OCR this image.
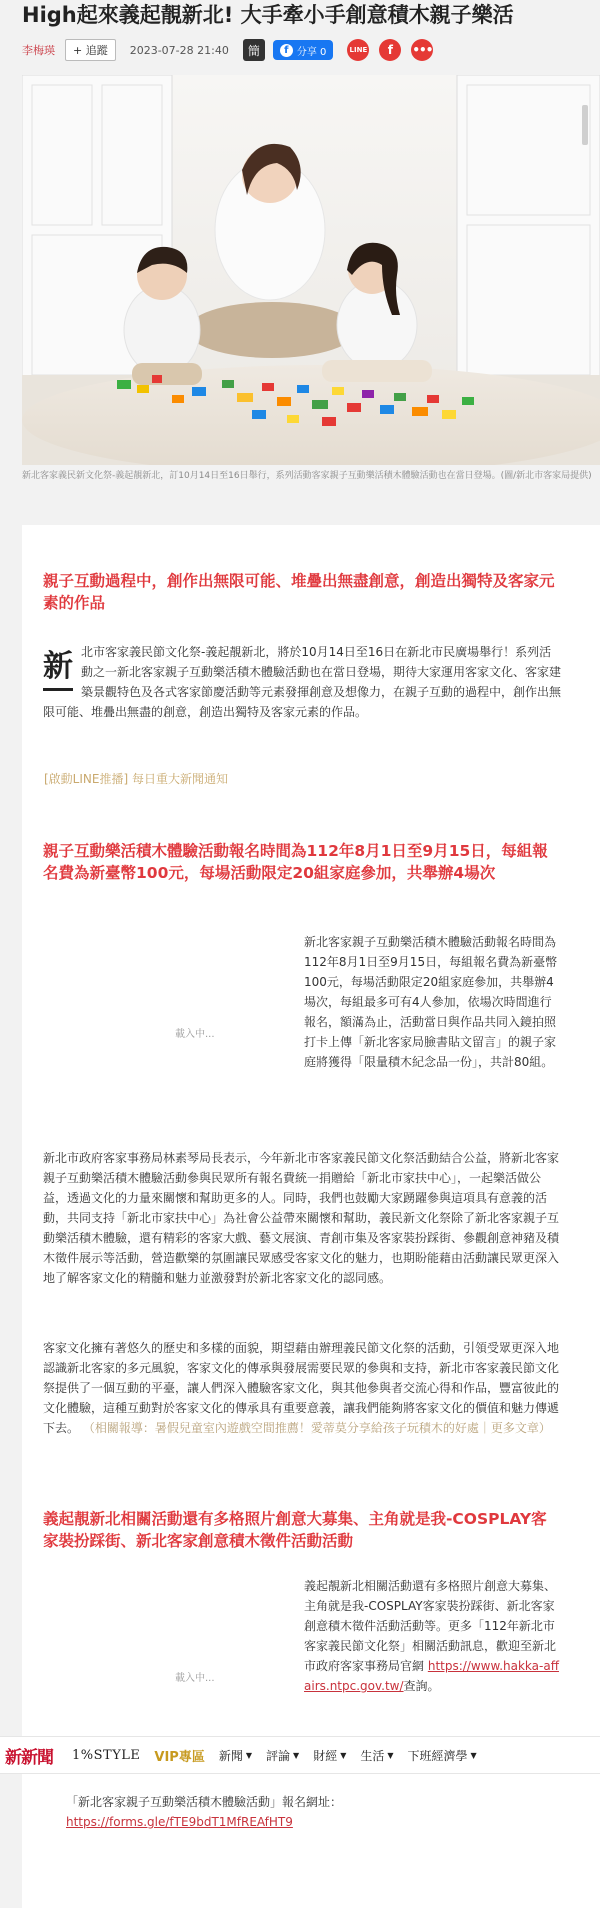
High起來義起靚新北! 大手牽小手創意積木親子樂活
李梅瑛	+ 追蹤	2023-07-28 21:40	簡	f 分享 0	LINE	f	•••
新北客家義民新文化祭-義起靚新北，訂10月14日至16日舉行，系列活動客家親子互動樂活積木體驗活動也在當日登場。(圖/新北市客家局提供)
親子互動過程中，創作出無限可能、堆疊出無盡創意，創造出獨特及客家元素的作品
新 北市客家義民節文化祭-義起靚新北，將於10月14日至16日在新北市民廣場舉行！系列活動之一新北客家親子互動樂活積木體驗活動也在當日登場，期待大家運用客家文化、客家建築景觀特色及各式客家節慶活動等元素發揮創意及想像力，在親子互動的過程中，創作出無限可能、堆疊出無盡的創意，創造出獨特及客家元素的作品。
[啟動LINE推播] 每日重大新聞通知
親子互動樂活積木體驗活動報名時間為112年8月1日至9月15日，每組報名費為新臺幣100元，每場活動限定20組家庭參加，共舉辦4場次
載入中...
新北客家親子互動樂活積木體驗活動報名時間為112年8月1日至9月15日，每組報名費為新臺幣100元，每場活動限定20組家庭參加，共舉辦4場次，每組最多可有4人參加，依場次時間進行報名，額滿為止，活動當日與作品共同入鏡拍照打卡上傳「新北客家局臉書貼文留言」的親子家庭將獲得「限量積木紀念品一份」，共計80組。
新北市政府客家事務局林素琴局長表示，今年新北市客家義民節文化祭活動結合公益，將新北客家親子互動樂活積木體驗活動參與民眾所有報名費統一捐贈給「新北市家扶中心」，一起樂活做公益，透過文化的力量來關懷和幫助更多的人。同時，我們也鼓勵大家踴躍參與這項具有意義的活動，共同支持「新北市家扶中心」為社會公益帶來關懷和幫助，義民新文化祭除了新北客家親子互動樂活積木體驗，還有精彩的客家大戲、藝文展演、青創市集及客家裝扮踩街、參觀創意神豬及積木徵件展示等活動，營造歡樂的氛圍讓民眾感受客家文化的魅力，也期盼能藉由活動讓民眾更深入地了解客家文化的精髓和魅力並激發對於新北客家文化的認同感。
客家文化擁有著悠久的歷史和多樣的面貌，期望藉由辦理義民節文化祭的活動，引領受眾更深入地認識新北客家的多元風貌，客家文化的傳承與發展需要民眾的參與和支持，新北市客家義民節文化祭提供了一個互動的平臺，讓人們深入體驗客家文化，與其他參與者交流心得和作品，豐富彼此的文化體驗，這種互動對於客家文化的傳承具有重要意義，讓我們能夠將客家文化的價值和魅力傳遞下去。 （相關報導：暑假兒童室內遊戲空間推薦！愛蒂莫分享給孩子玩積木的好處｜更多文章）
義起靚新北相關活動還有多格照片創意大募集、主角就是我-COSPLAY客家裝扮踩街、新北客家創意積木徵件活動活動
載入中...
義起靚新北相關活動還有多格照片創意大募集、主角就是我-COSPLAY客家裝扮踩街、新北客家創意積木徵件活動活動等。更多「112年新北市客家義民節文化祭」相關活動訊息，歡迎至新北市政府客家事務局官網 https://www.hakka-affairs.ntpc.gov.tw/查詢。
新新聞	1%STYLE VIP專區 新聞 ▼ 評論 ▼ 財經 ▼ 生活 ▼ 下班經濟學 ▼
「新北客家親子互動樂活積木體驗活動」報名網址：
https://forms.gle/fTE9bdT1MfREAfHT9
